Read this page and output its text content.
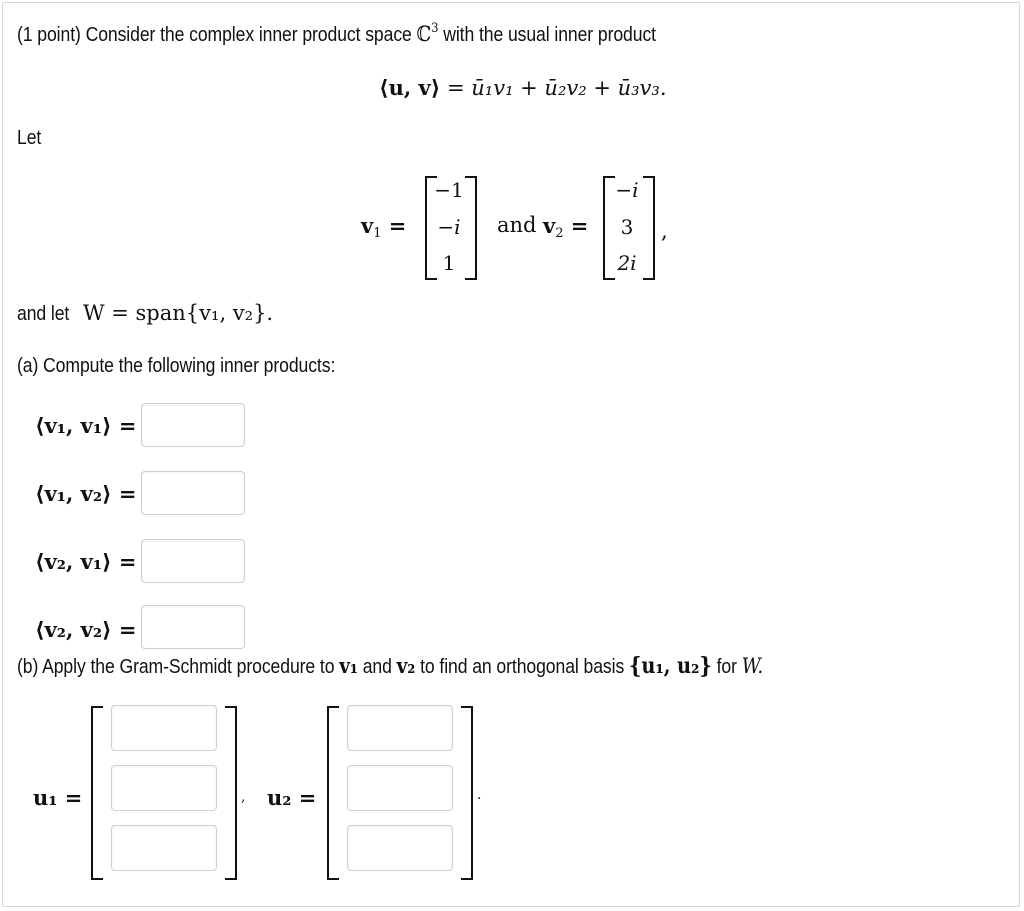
(1 point) Consider the complex inner product space ℂ$^3$ with the usual inner product
⟨u, v⟩ = ū₁v₁ + ū₂v₂ + ū₃v₃.
Let
$v_1$ =
−1
−i
1
and $v_2$ =
−i
3
2i
,
and let W = span{v₁, v₂}.
(a) Compute the following inner products:
⟨v₁, v₁⟩ =
⟨v₁, v₂⟩ =
⟨v₂, v₁⟩ =
⟨v₂, v₂⟩ =
(b) Apply the Gram-Schmidt procedure to v₁ and v₂ to find an orthogonal basis {u₁, u₂} for W.
u₁ =	, u₂ =	.
